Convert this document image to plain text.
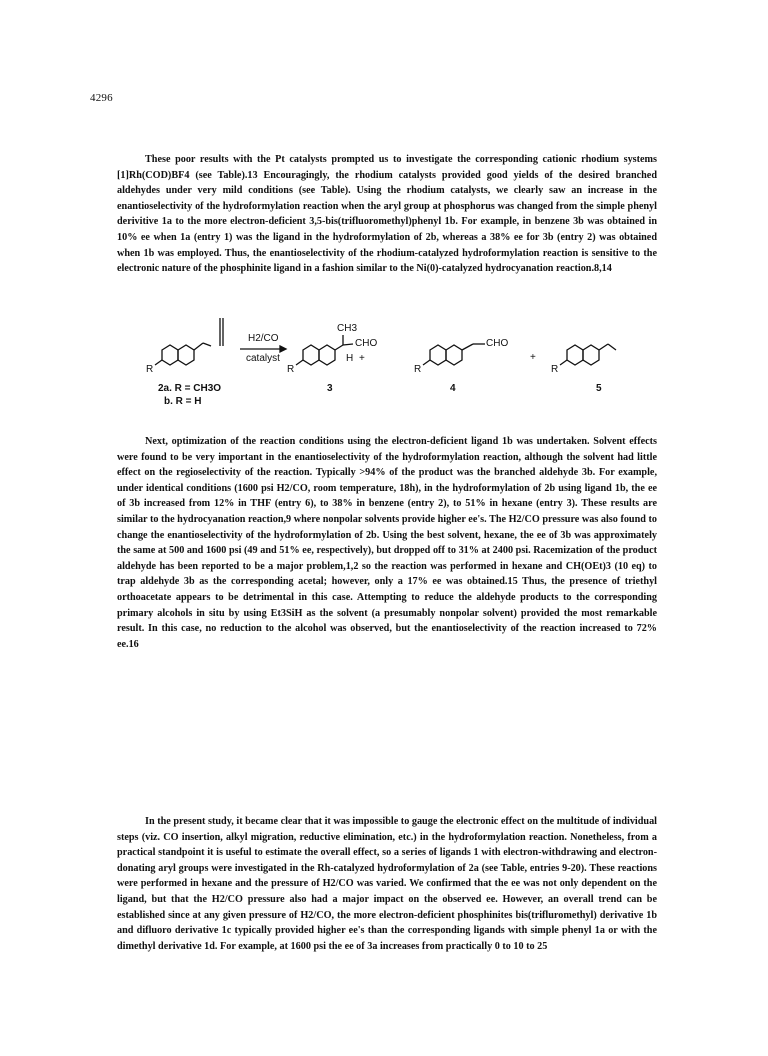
4296

These poor results with the Pt catalysts prompted us to investigate the corresponding cationic rhodium systems [1]Rh(COD)BF4 (see Table).13 Encouragingly, the rhodium catalysts provided good yields of the desired branched aldehydes under very mild conditions (see Table). Using the rhodium catalysts, we clearly saw an increase in the enantioselectivity of the hydroformylation reaction when the aryl group at phosphorus was changed from the simple phenyl derivitive 1a to the more electron-deficient 3,5-bis(trifluoromethyl)phenyl 1b. For example, in benzene 3b was obtained in 10% ee when 1a (entry 1) was the ligand in the hydroformylation of 2b, whereas a 38% ee for 3b (entry 2) was obtained when 1b was employed. Thus, the enantioselectivity of the rhodium-catalyzed hydroformylation reaction is sensitive to the electronic nature of the phosphinite ligand in a fashion similar to the Ni(0)-catalyzed hydrocyanation reaction.8,14

H2/CO
catalyst
R	R	R	R
CH3
CHO
H +
CHO
+
2a. R = CH3O
b. R = H
3	4	5

Next, optimization of the reaction conditions using the electron-deficient ligand 1b was undertaken. Solvent effects were found to be very important in the enantioselectivity of the hydroformylation reaction, although the solvent had little effect on the regioselectivity of the reaction. Typically >94% of the product was the branched aldehyde 3b. For example, under identical conditions (1600 psi H2/CO, room temperature, 18h), in the hydroformylation of 2b using ligand 1b, the ee of 3b increased from 12% in THF (entry 6), to 38% in benzene (entry 2), to 51% in hexane (entry 3). These results are similar to the hydrocyanation reaction,9 where nonpolar solvents provide higher ee's. The H2/CO pressure was also found to change the enantioselectivity of the hydroformylation of 2b. Using the best solvent, hexane, the ee of 3b was approximately the same at 500 and 1600 psi (49 and 51% ee, respectively), but dropped off to 31% at 2400 psi. Racemization of the product aldehyde has been reported to be a major problem,1,2 so the reaction was performed in hexane and CH(OEt)3 (10 eq) to trap aldehyde 3b as the corresponding acetal; however, only a 17% ee was obtained.15 Thus, the presence of triethyl orthoacetate appears to be detrimental in this case. Attempting to reduce the aldehyde products to the corresponding primary alcohols in situ by using Et3SiH as the solvent (a presumably nonpolar solvent) provided the most remarkable result. In this case, no reduction to the alcohol was observed, but the enantioselectivity of the reaction increased to 72% ee.16

In the present study, it became clear that it was impossible to gauge the electronic effect on the multitude of individual steps (viz. CO insertion, alkyl migration, reductive elimination, etc.) in the hydroformylation reaction. Nonetheless, from a practical standpoint it is useful to estimate the overall effect, so a series of ligands 1 with electron-withdrawing and electron-donating aryl groups were investigated in the Rh-catalyzed hydroformylation of 2a (see Table, entries 9-20). These reactions were performed in hexane and the pressure of H2/CO was varied. We confirmed that the ee was not only dependent on the ligand, but that the H2/CO pressure also had a major impact on the observed ee. However, an overall trend can be established since at any given pressure of H2/CO, the more electron-deficient phosphinites bis(trifluromethyl) derivative 1b and difluoro derivative 1c typically provided higher ee's than the corresponding ligands with simple phenyl 1a or with the dimethyl derivative 1d. For example, at 1600 psi the ee of 3a increases from practically 0 to 10 to 25
